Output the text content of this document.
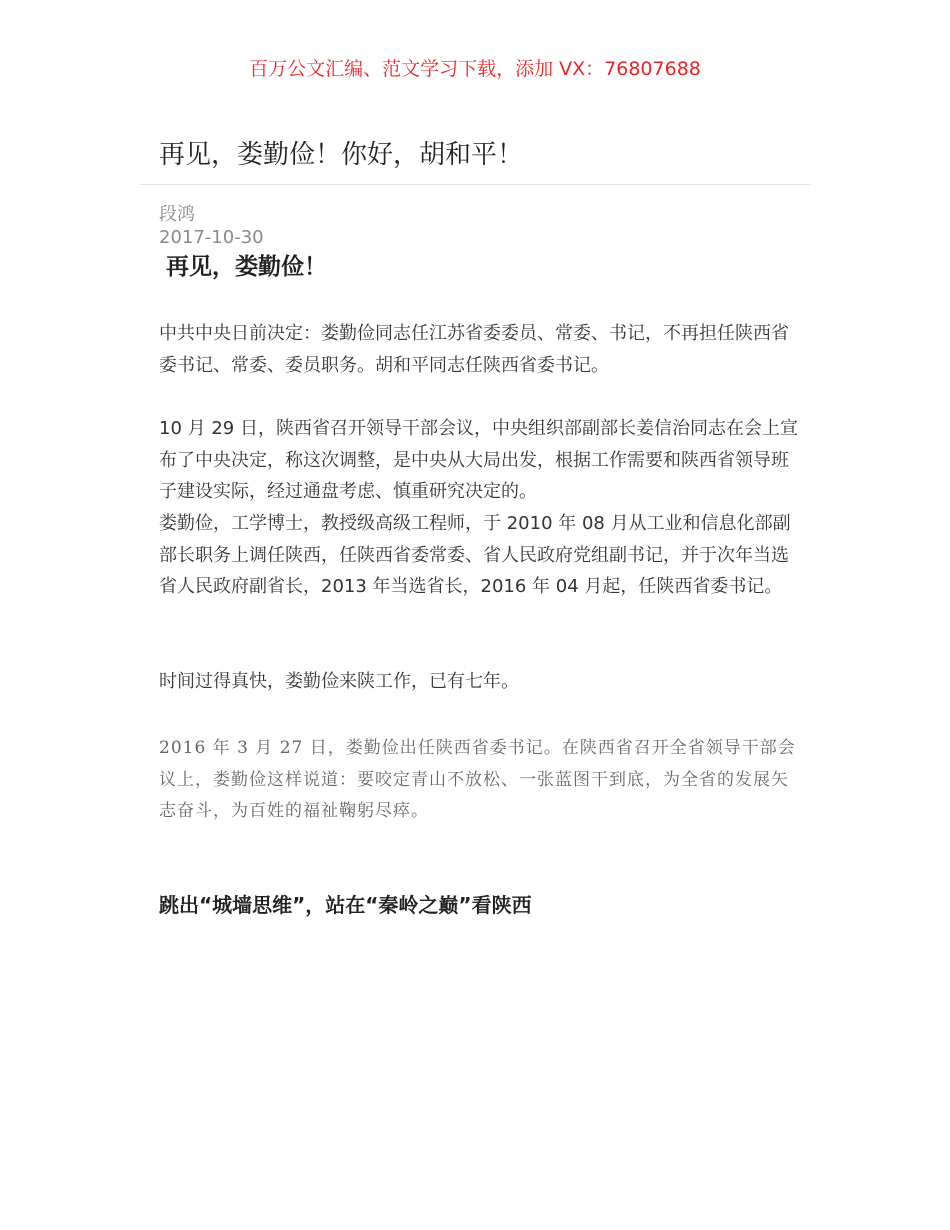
百万公文汇编、范文学习下载，添加 VX：76807688
再见，娄勤俭！你好，胡和平！
段鸿
2017-10-30
再见，娄勤俭！

中共中央日前决定：娄勤俭同志任江苏省委委员、常委、书记，不再担任陕西省委书记、常委、委员职务。胡和平同志任陕西省委书记。

10 月 29 日，陕西省召开领导干部会议，中央组织部副部长姜信治同志在会上宣布了中央决定，称这次调整，是中央从大局出发，根据工作需要和陕西省领导班子建设实际，经过通盘考虑、慎重研究决定的。

娄勤俭，工学博士，教授级高级工程师，于 2010 年 08 月从工业和信息化部副部长职务上调任陕西，任陕西省委常委、省人民政府党组副书记，并于次年当选省人民政府副省长，2013 年当选省长，2016 年 04 月起，任陕西省委书记。

时间过得真快，娄勤俭来陕工作，已有七年。

2016 年 3 月 27 日，娄勤俭出任陕西省委书记。在陕西省召开全省领导干部会议上，娄勤俭这样说道：要咬定青山不放松、一张蓝图干到底，为全省的发展矢志奋斗，为百姓的福祉鞠躬尽瘁。

跳出“城墙思维”，站在“秦岭之巅”看陕西
